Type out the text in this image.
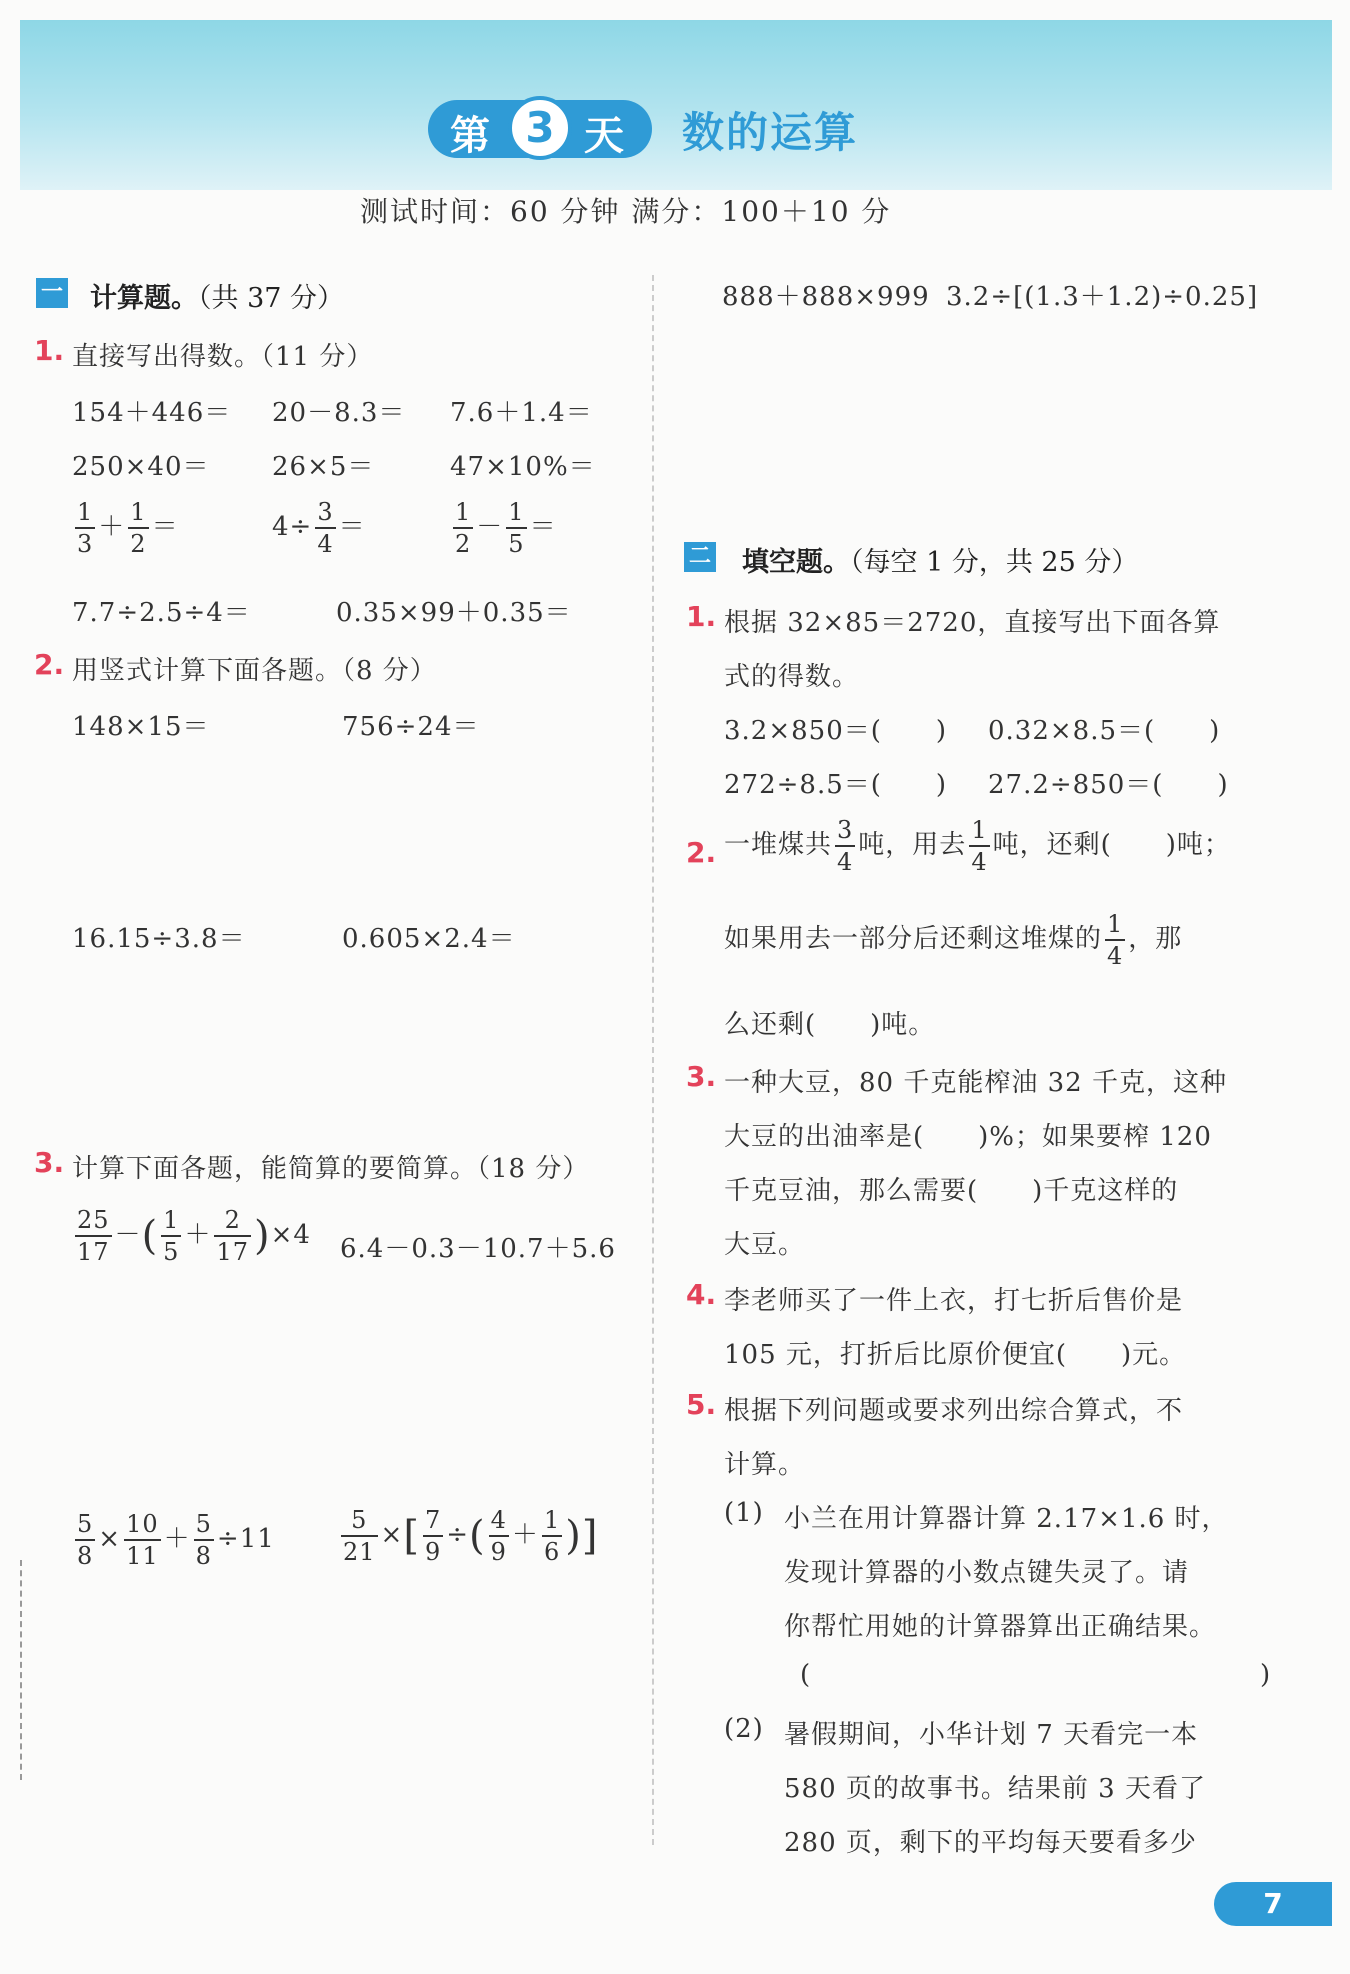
第 3 天 数的运算
测试时间：60 分钟 满分：100＋10 分
一 计算题。（共 37 分）
1. 直接写出得数。（11 分）
154＋446＝ 20－8.3＝ 7.6＋1.4＝
250×40＝ 26×5＝	47×10%＝
$\frac{1}{3} + \frac{1}{2}$ ＝	$4\div \frac{3}{4}$ ＝	$\frac{1}{2} - \frac{1}{5}$ ＝
7.7÷2.5÷4＝	0.35×99＋0.35＝
2. 用竖式计算下面各题。（8 分）
148×15＝	756÷24＝
16.15÷3.8＝	0.605×2.4＝
3. 计算下面各题，能简算的要简算。（18 分）
$\frac{25}{17}$ －( $\frac{1}{5} + \frac{2}{17} )\times 4$ 6.4－0.3－10.7＋5.6
$\frac{5}{8} \times \frac{10}{11} + \frac{5}{8} \div 11$	$\frac{5}{21}$ ×[ $\frac{7}{9}$ ÷( $\frac{4}{9} + \frac{1}{6}$ )]
888＋888×999 3.2÷[(1.3＋1.2)÷0.25]
二 填空题。（每空 1 分，共 25 分）
1. 根据 32×85＝2720，直接写出下面各算
式的得数。
3.2×850＝(　　) 0.32×8.5＝(　　)
272÷8.5＝(　　) 27.2÷850＝(　　)
2. 一堆煤共 $\frac{3}{4}$ 吨，用去 $\frac{1}{4}$ 吨，还剩(　　)吨；
如果用去一部分后还剩这堆煤的 $\frac{1}{4}$ ，那
么还剩(　　)吨。
3. 一种大豆，80 千克能榨油 32 千克，这种
大豆的出油率是(　　)%；如果要榨 120
千克豆油，那么需要(　　)千克这样的
大豆。
4. 李老师买了一件上衣，打七折后售价是
105 元，打折后比原价便宜(　　)元。
5. 根据下列问题或要求列出综合算式，不
计算。
(1) 小兰在用计算器计算 2.17×1.6 时，
发现计算器的小数点键失灵了。请
你帮忙用她的计算器算出正确结果。
(	)
(2) 暑假期间，小华计划 7 天看完一本
580 页的故事书。结果前 3 天看了
280 页，剩下的平均每天要看多少
7
